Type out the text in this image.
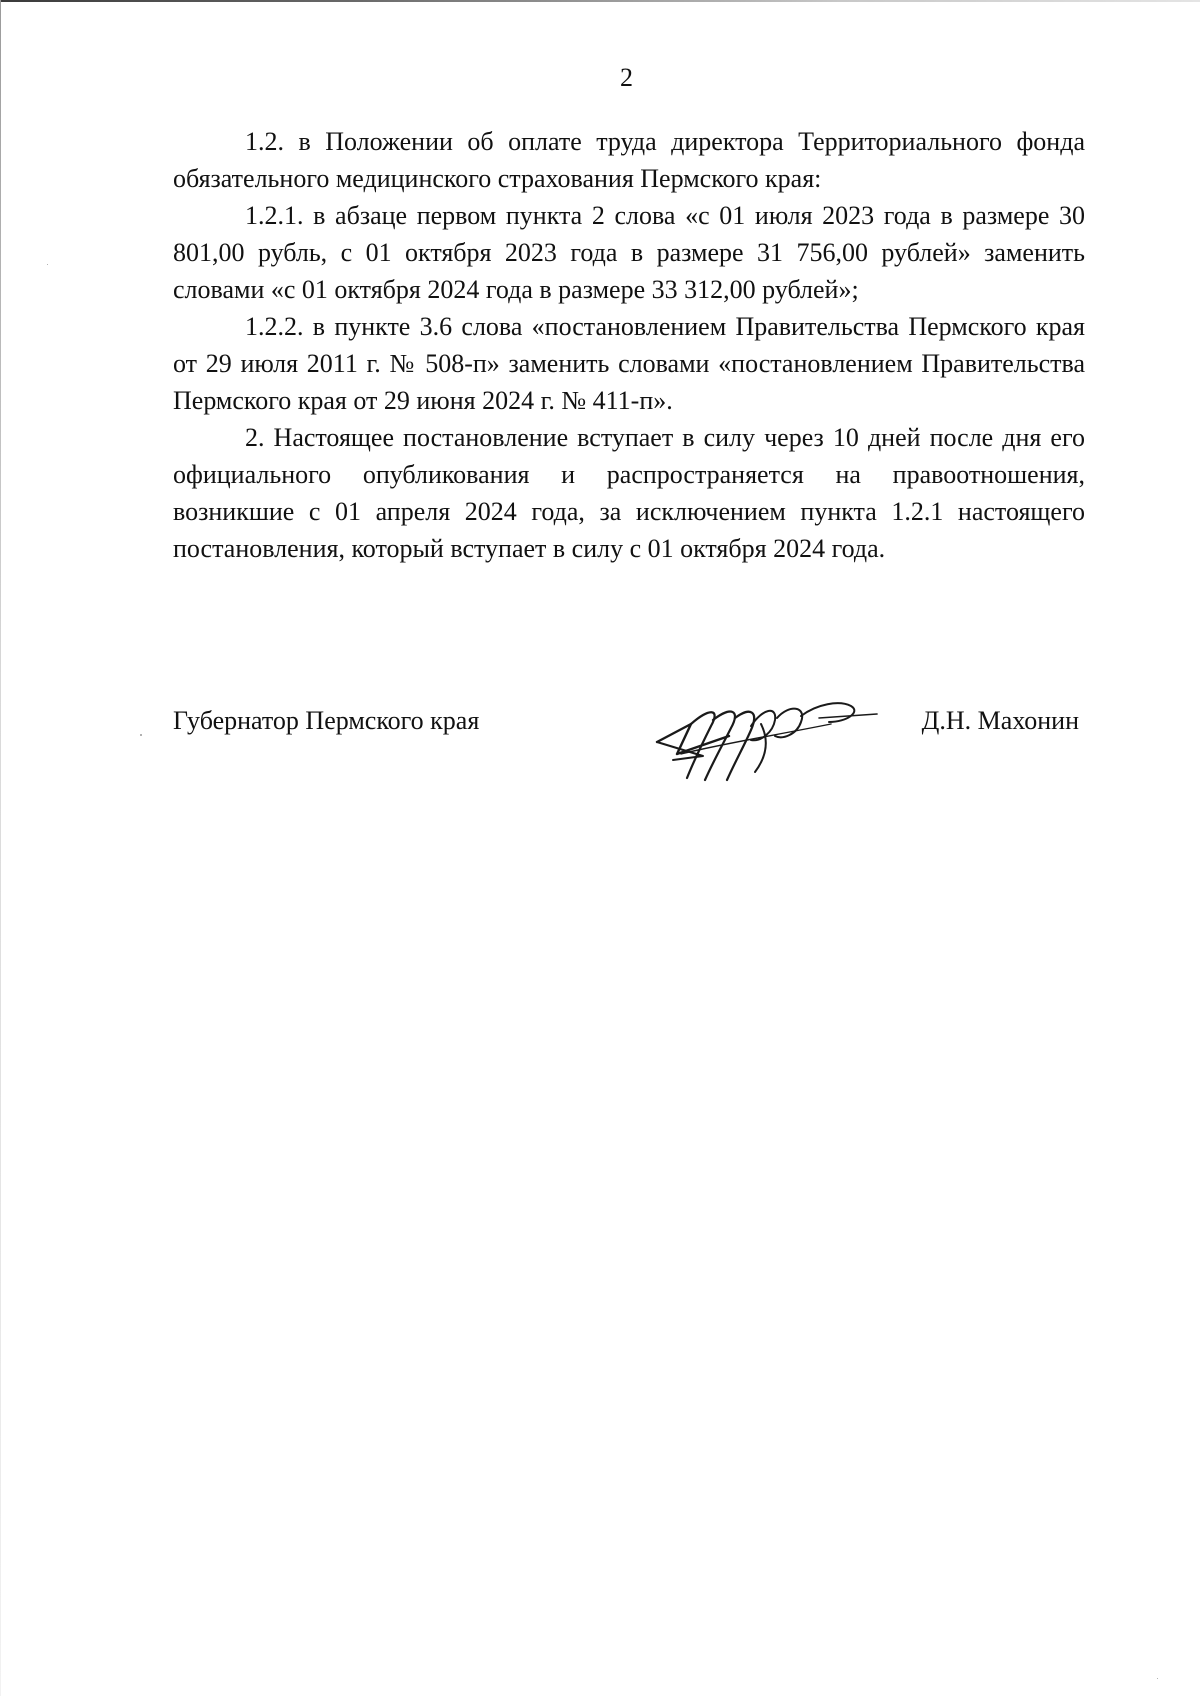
2

1.2. в Положении об оплате труда директора Территориального фонда обязательного медицинского страхования Пермского края:

1.2.1. в абзаце первом пункта 2 слова «с 01 июля 2023 года в размере 30 801,00 рубль, с 01 октября 2023 года в размере 31 756,00 рублей» заменить словами «с 01 октября 2024 года в размере 33 312,00 рублей»;

1.2.2. в пункте 3.6 слова «постановлением Правительства Пермского края от 29 июля 2011 г. № 508-п» заменить словами «постановлением Правительства Пермского края от 29 июня 2024 г. № 411-п».

2. Настоящее постановление вступает в силу через 10 дней после дня его официального опубликования и распространяется на правоотношения, возникшие с 01 апреля 2024 года, за исключением пункта 1.2.1 настоящего постановления, который вступает в силу с 01 октября 2024 года.

Губернатор Пермского края	Д.Н. Махонин
